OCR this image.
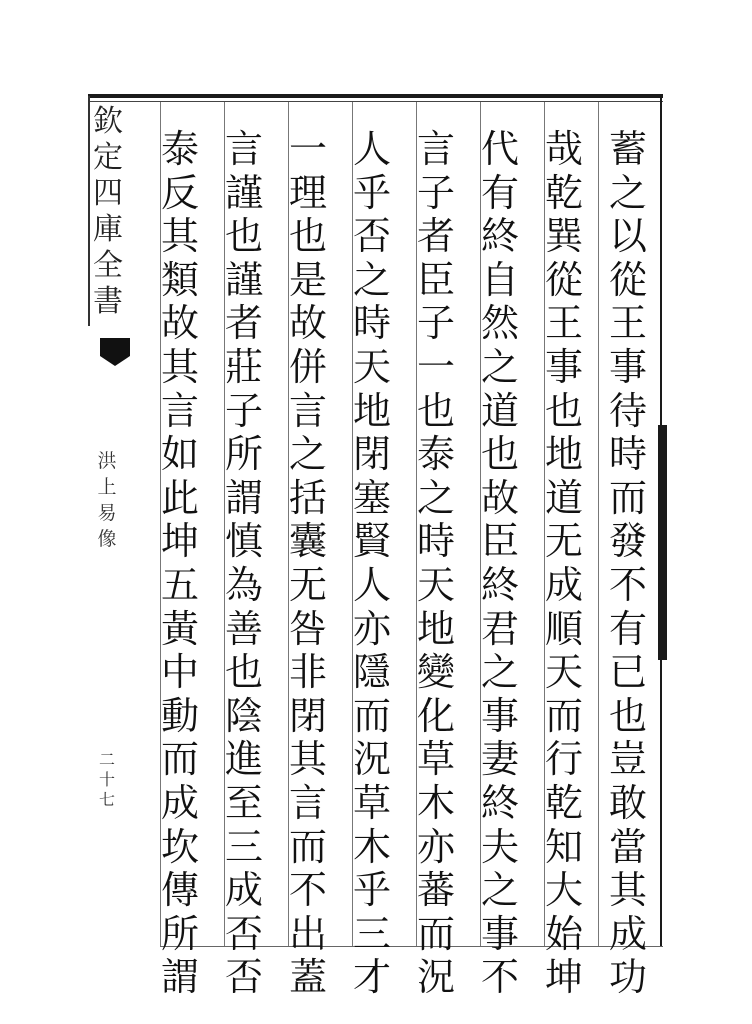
欽
定
四
庫
全
書
洪
上
易
像
二
十
七
蓄
之
以
從
王
事
待
時
而
發
不
有
已
也
豈
敢
當
其
成
功
哉
乾
巽
從
王
事
也
地
道
无
成
順
天
而
行
乾
知
大
始
坤
代
有
終
自
然
之
道
也
故
臣
終
君
之
事
妻
終
夫
之
事
不
言
子
者
臣
子
一
也
泰
之
時
天
地
變
化
草
木
亦
蕃
而
況
人
乎
否
之
時
天
地
閉
塞
賢
人
亦
隱
而
況
草
木
乎
三
才
一
理
也
是
故
併
言
之
括
囊
无
咎
非
閉
其
言
而
不
出
蓋
言
謹
也
謹
者
莊
子
所
謂
慎
為
善
也
陰
進
至
三
成
否
否
泰
反
其
類
故
其
言
如
此
坤
五
黃
中
動
而
成
坎
傳
所
謂
